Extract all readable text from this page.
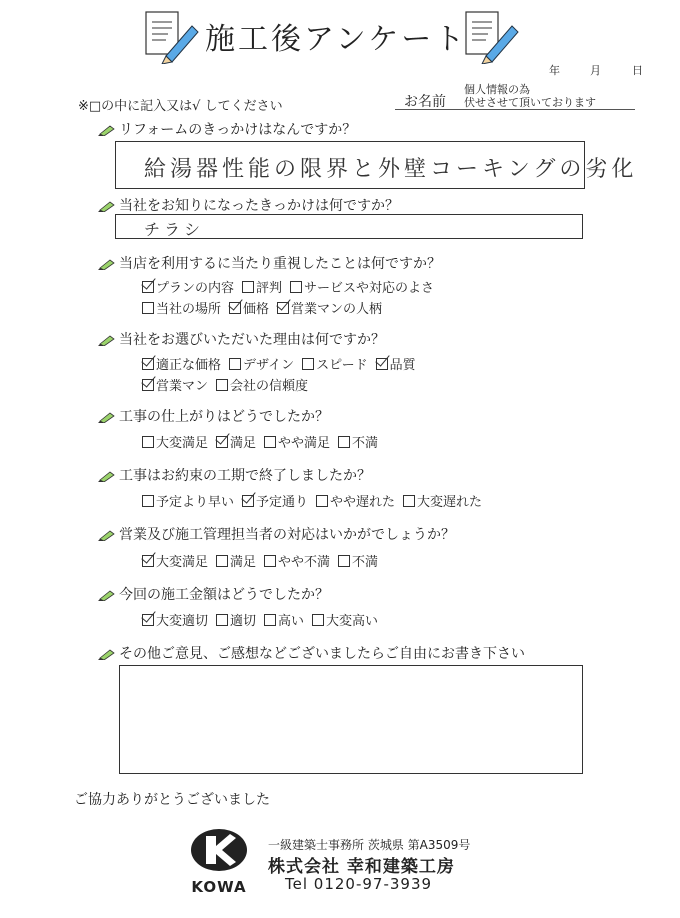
施工後アンケート
年	月	日
※□の中に記入又は√ してください	お名前
個人情報の為
伏せさせて頂いております
リフォームのきっかけはなんですか？
給湯器性能の限界と外壁コーキングの劣化
当社をお知りになったきっかけは何ですか？
チラシ
当店を利用するに当たり重視したことは何ですか？
プランの内容 評判 サービスや対応のよさ
当社の場所 価格 営業マンの人柄
当社をお選びいただいた理由は何ですか？
適正な価格 デザイン スピード 品質
営業マン 会社の信頼度
工事の仕上がりはどうでしたか？
大変満足 満足 やや満足 不満
工事はお約束の工期で終了しましたか？
予定より早い 予定通り やや遅れた 大変遅れた
営業及び施工管理担当者の対応はいかがでしょうか？
大変満足 満足 やや不満 不満
今回の施工金額はどうでしたか？
大変適切 適切 高い 大変高い
その他ご意見、ご感想などございましたらご自由にお書き下さい
ご協力ありがとうございました
KOWA
一級建築士事務所 茨城県 第A3509号
株式会社 幸和建築工房
Tel 0120-97-3939
